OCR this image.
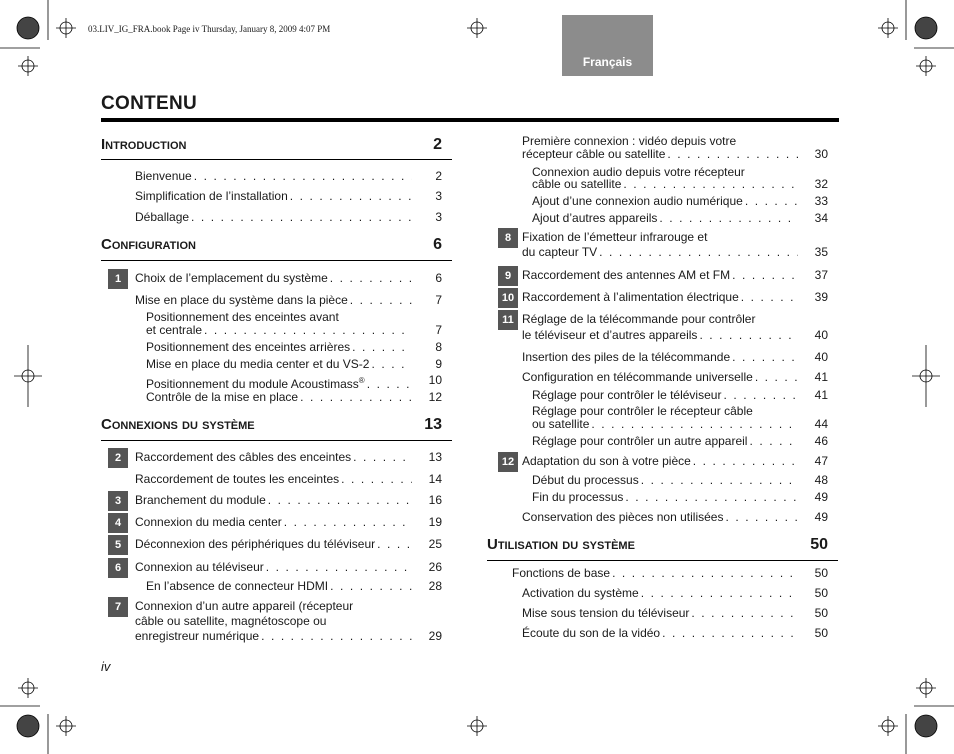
03.LIV_IG_FRA.book Page iv Thursday, January 8, 2009 4:07 PM
Français
CONTENU
Introduction	2
Bienvenue . . .	2
Simplification de l’installation . . .	3
Déballage . . .	3
Configuration	6
1	Choix de l’emplacement du système . . .	6
Mise en place du système dans la pièce . . .	7
Positionnement des enceintes avant
et centrale . . .	7
Positionnement des enceintes arrières . . .	8
Mise en place du media center et du VS-2 . . .	9
Positionnement du module Acoustimass® . . .	10
Contrôle de la mise en place . . .	12
Connexions du système	13
2	Raccordement des câbles des enceintes . . .	13
Raccordement de toutes les enceintes . . .	14
3	Branchement du module . . .	16
4	Connexion du media center . . .	19
5	Déconnexion des périphériques du téléviseur . . .	25
6	Connexion au téléviseur . . .	26
En l’absence de connecteur HDMI . . .	28
7	Connexion d’un autre appareil (récepteur
câble ou satellite, magnétoscope ou
enregistreur numérique . . .	29
Première connexion : vidéo depuis votre
récepteur câble ou satellite . . .	30
Connexion audio depuis votre récepteur
câble ou satellite . . .	32
Ajout d’une connexion audio numérique . . .	33
Ajout d’autres appareils . . .	34
8 Fixation de l’émetteur infrarouge et
du capteur TV . . .	35
9 Raccordement des antennes AM et FM . . .	37
10 Raccordement à l’alimentation électrique . . .	39
11 Réglage de la télécommande pour contrôler
le téléviseur et d’autres appareils . . .	40
Insertion des piles de la télécommande . . .	40
Configuration en télécommande universelle . . .	41
Réglage pour contrôler le téléviseur . . .	41
Réglage pour contrôler le récepteur câble
ou satellite . . .	44
Réglage pour contrôler un autre appareil . . .	46
12 Adaptation du son à votre pièce . . .	47
Début du processus . . .	48
Fin du processus . . .	49
Conservation des pièces non utilisées . . .	49
Utilisation du système	50
Fonctions de base . . .	50
Activation du système . . .	50
Mise sous tension du téléviseur . . .	50
Écoute du son de la vidéo . . .	50
iv
